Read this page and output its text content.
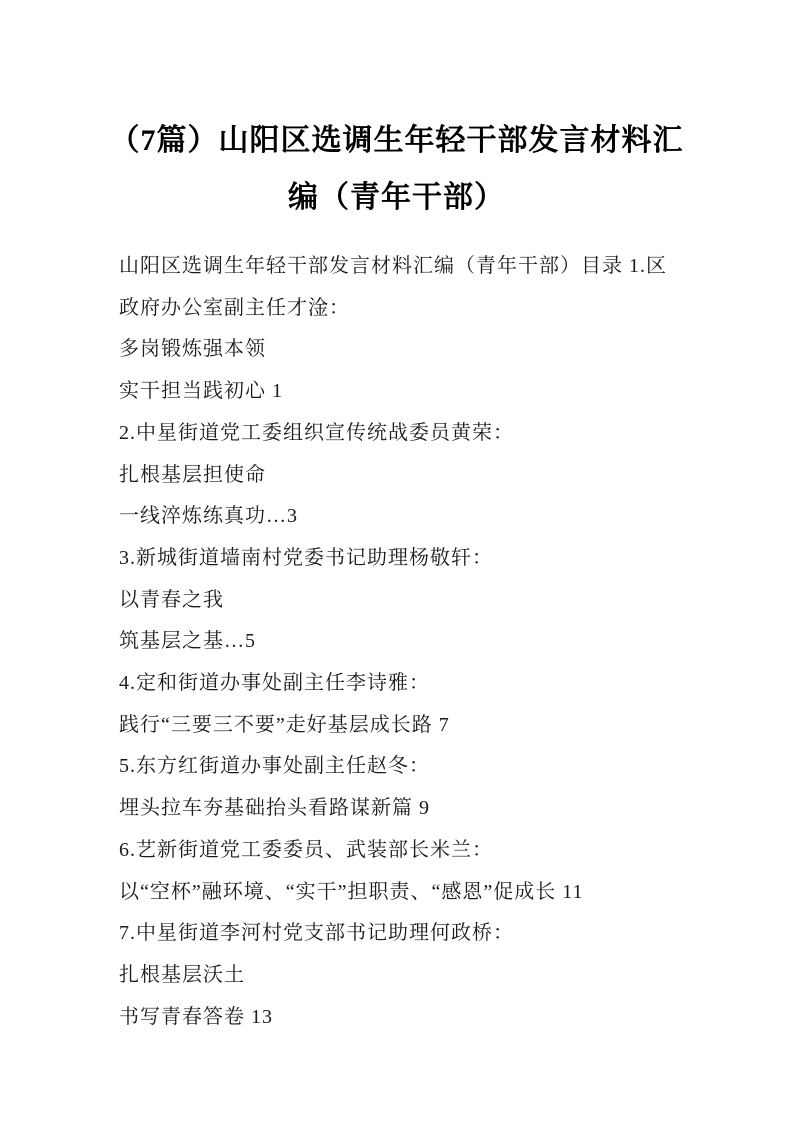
（7篇）山阳区选调生年轻干部发言材料汇
编（青年干部）

山阳区选调生年轻干部发言材料汇编（青年干部）目录 1.区

政府办公室副主任才淦：

多岗锻炼强本领

实干担当践初心 1

2.中星街道党工委组织宣传统战委员黄荣：

扎根基层担使命

一线淬炼练真功…3

3.新城街道墙南村党委书记助理杨敬轩：

以青春之我

筑基层之基…5

4.定和街道办事处副主任李诗雅：

践行“三要三不要”走好基层成长路 7

5.东方红街道办事处副主任赵冬：

埋头拉车夯基础抬头看路谋新篇 9

6.艺新街道党工委委员、武装部长米兰：

以“空杯”融环境、“实干”担职责、“感恩”促成长 11

7.中星街道李河村党支部书记助理何政桥：

扎根基层沃土

书写青春答卷 13
